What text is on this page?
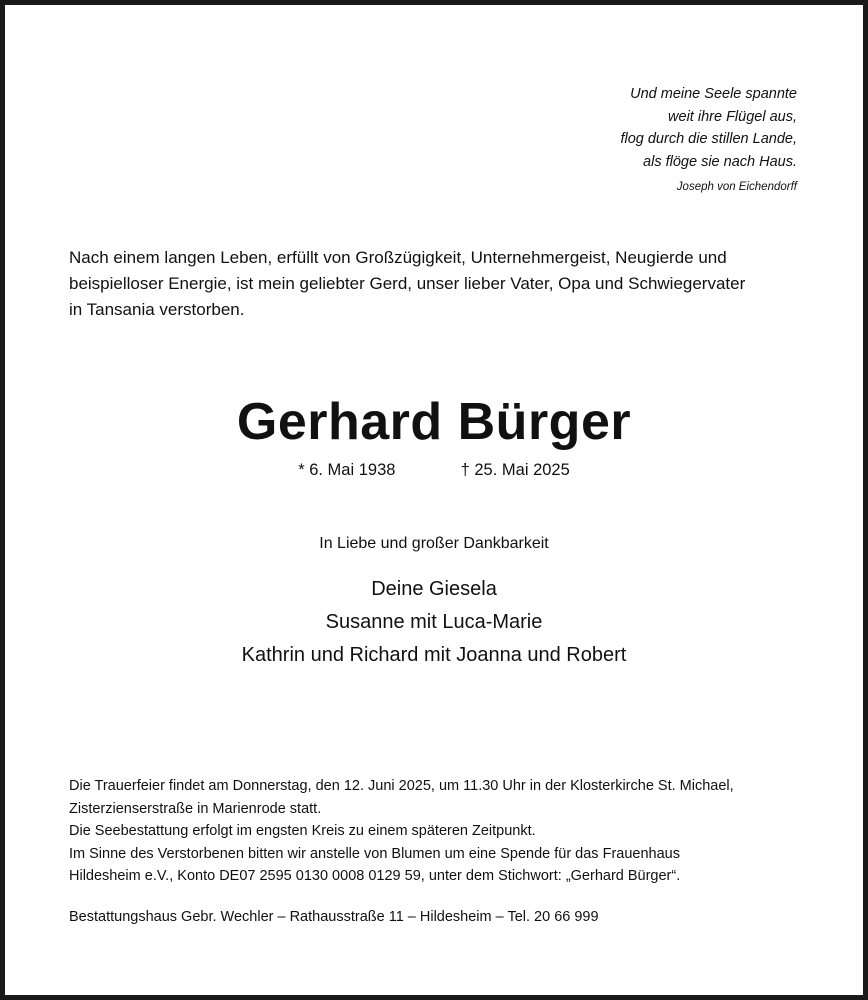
Und meine Seele spannte
weit ihre Flügel aus,
flog durch die stillen Lande,
als flöge sie nach Haus.
Joseph von Eichendorff
Nach einem langen Leben, erfüllt von Großzügigkeit, Unternehmergeist, Neugierde und
beispielloser Energie, ist mein geliebter Gerd, unser lieber Vater, Opa und Schwiegervater
in Tansania verstorben.
Gerhard Bürger
* 6. Mai 1938	† 25. Mai 2025
In Liebe und großer Dankbarkeit
Deine Giesela
Susanne mit Luca-Marie
Kathrin und Richard mit Joanna und Robert
Die Trauerfeier findet am Donnerstag, den 12. Juni 2025, um 11.30 Uhr in der Klosterkirche St. Michael,
Zisterzienserstraße in Marienrode statt.
Die Seebestattung erfolgt im engsten Kreis zu einem späteren Zeitpunkt.
Im Sinne des Verstorbenen bitten wir anstelle von Blumen um eine Spende für das Frauenhaus
Hildesheim e.V., Konto DE07 2595 0130 0008 0129 59, unter dem Stichwort: „Gerhard Bürger“.
Bestattungshaus Gebr. Wechler – Rathausstraße 11 – Hildesheim – Tel. 20 66 999
